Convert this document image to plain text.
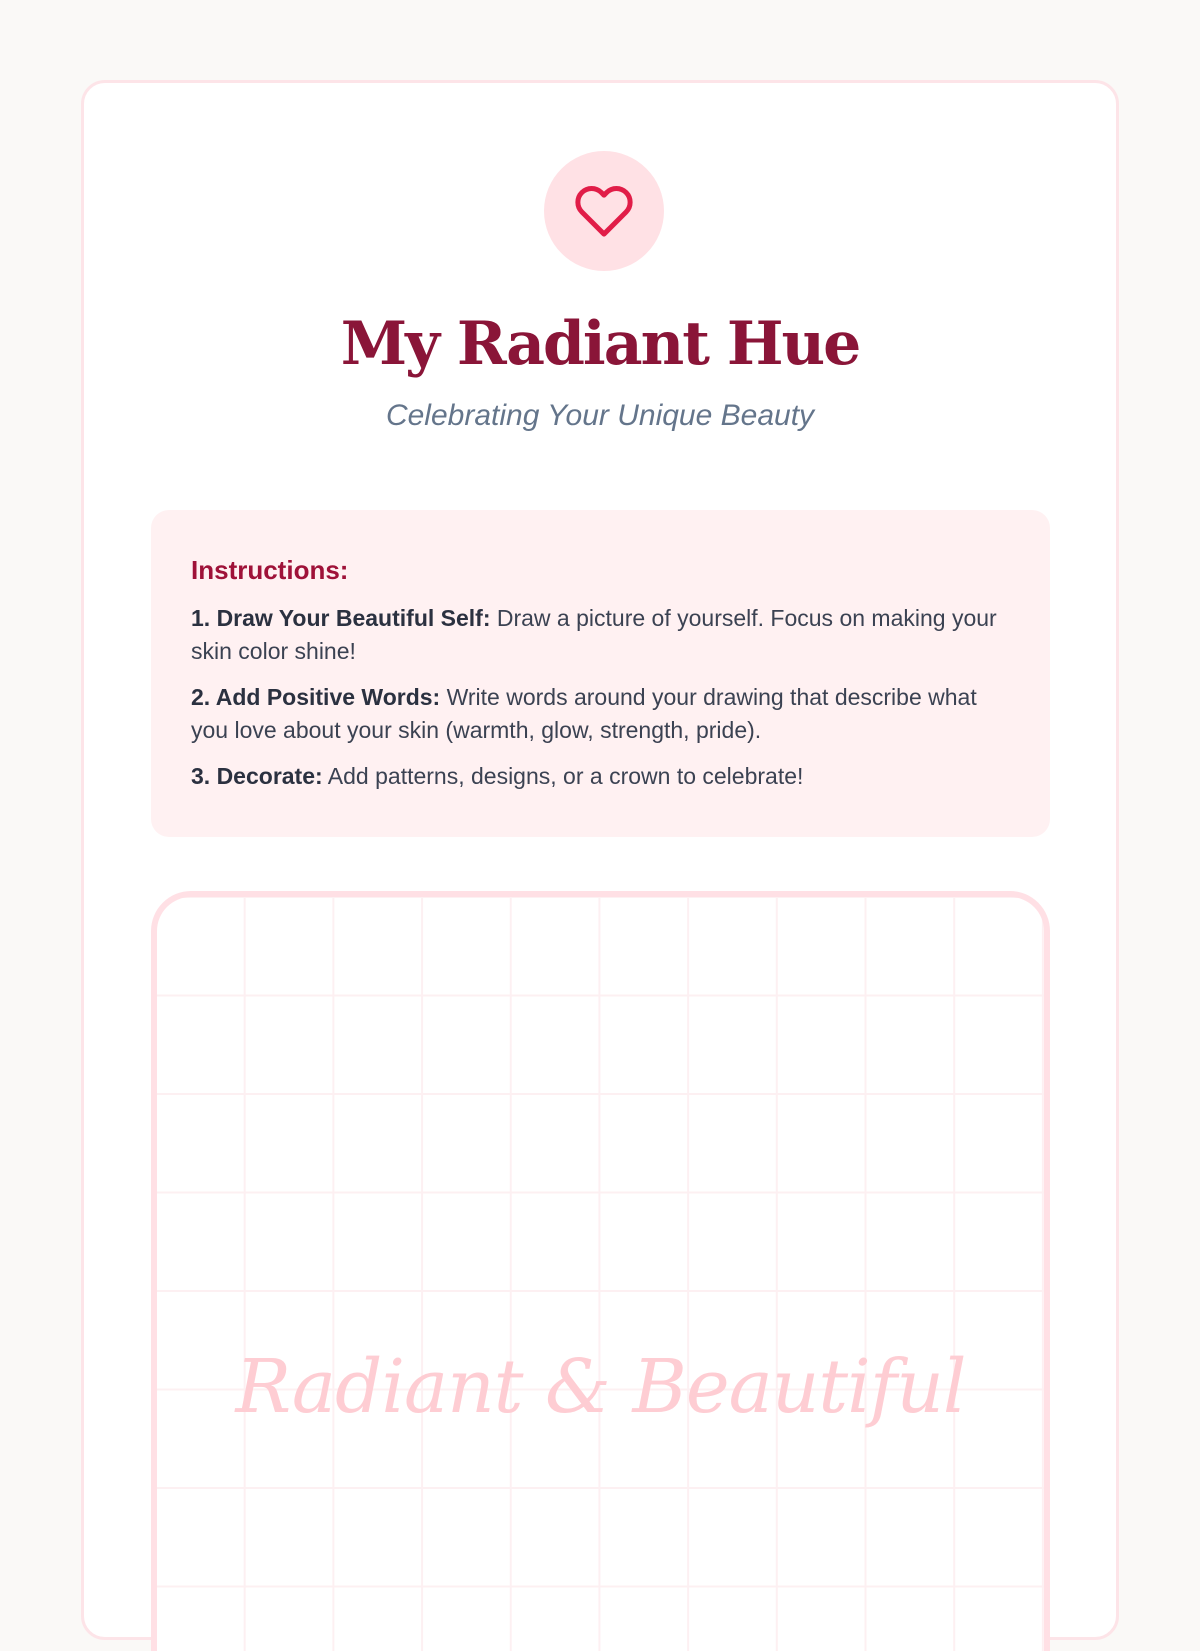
My Radiant Hue
Celebrating Your Unique Beauty
Instructions:

1. Draw Your Beautiful Self: Draw a picture of yourself. Focus on making your skin color shine!

2. Add Positive Words: Write words around your drawing that describe what you love about your skin (warmth, glow, strength, pride).

3. Decorate: Add patterns, designs, or a crown to celebrate!

Radiant & Beautiful
